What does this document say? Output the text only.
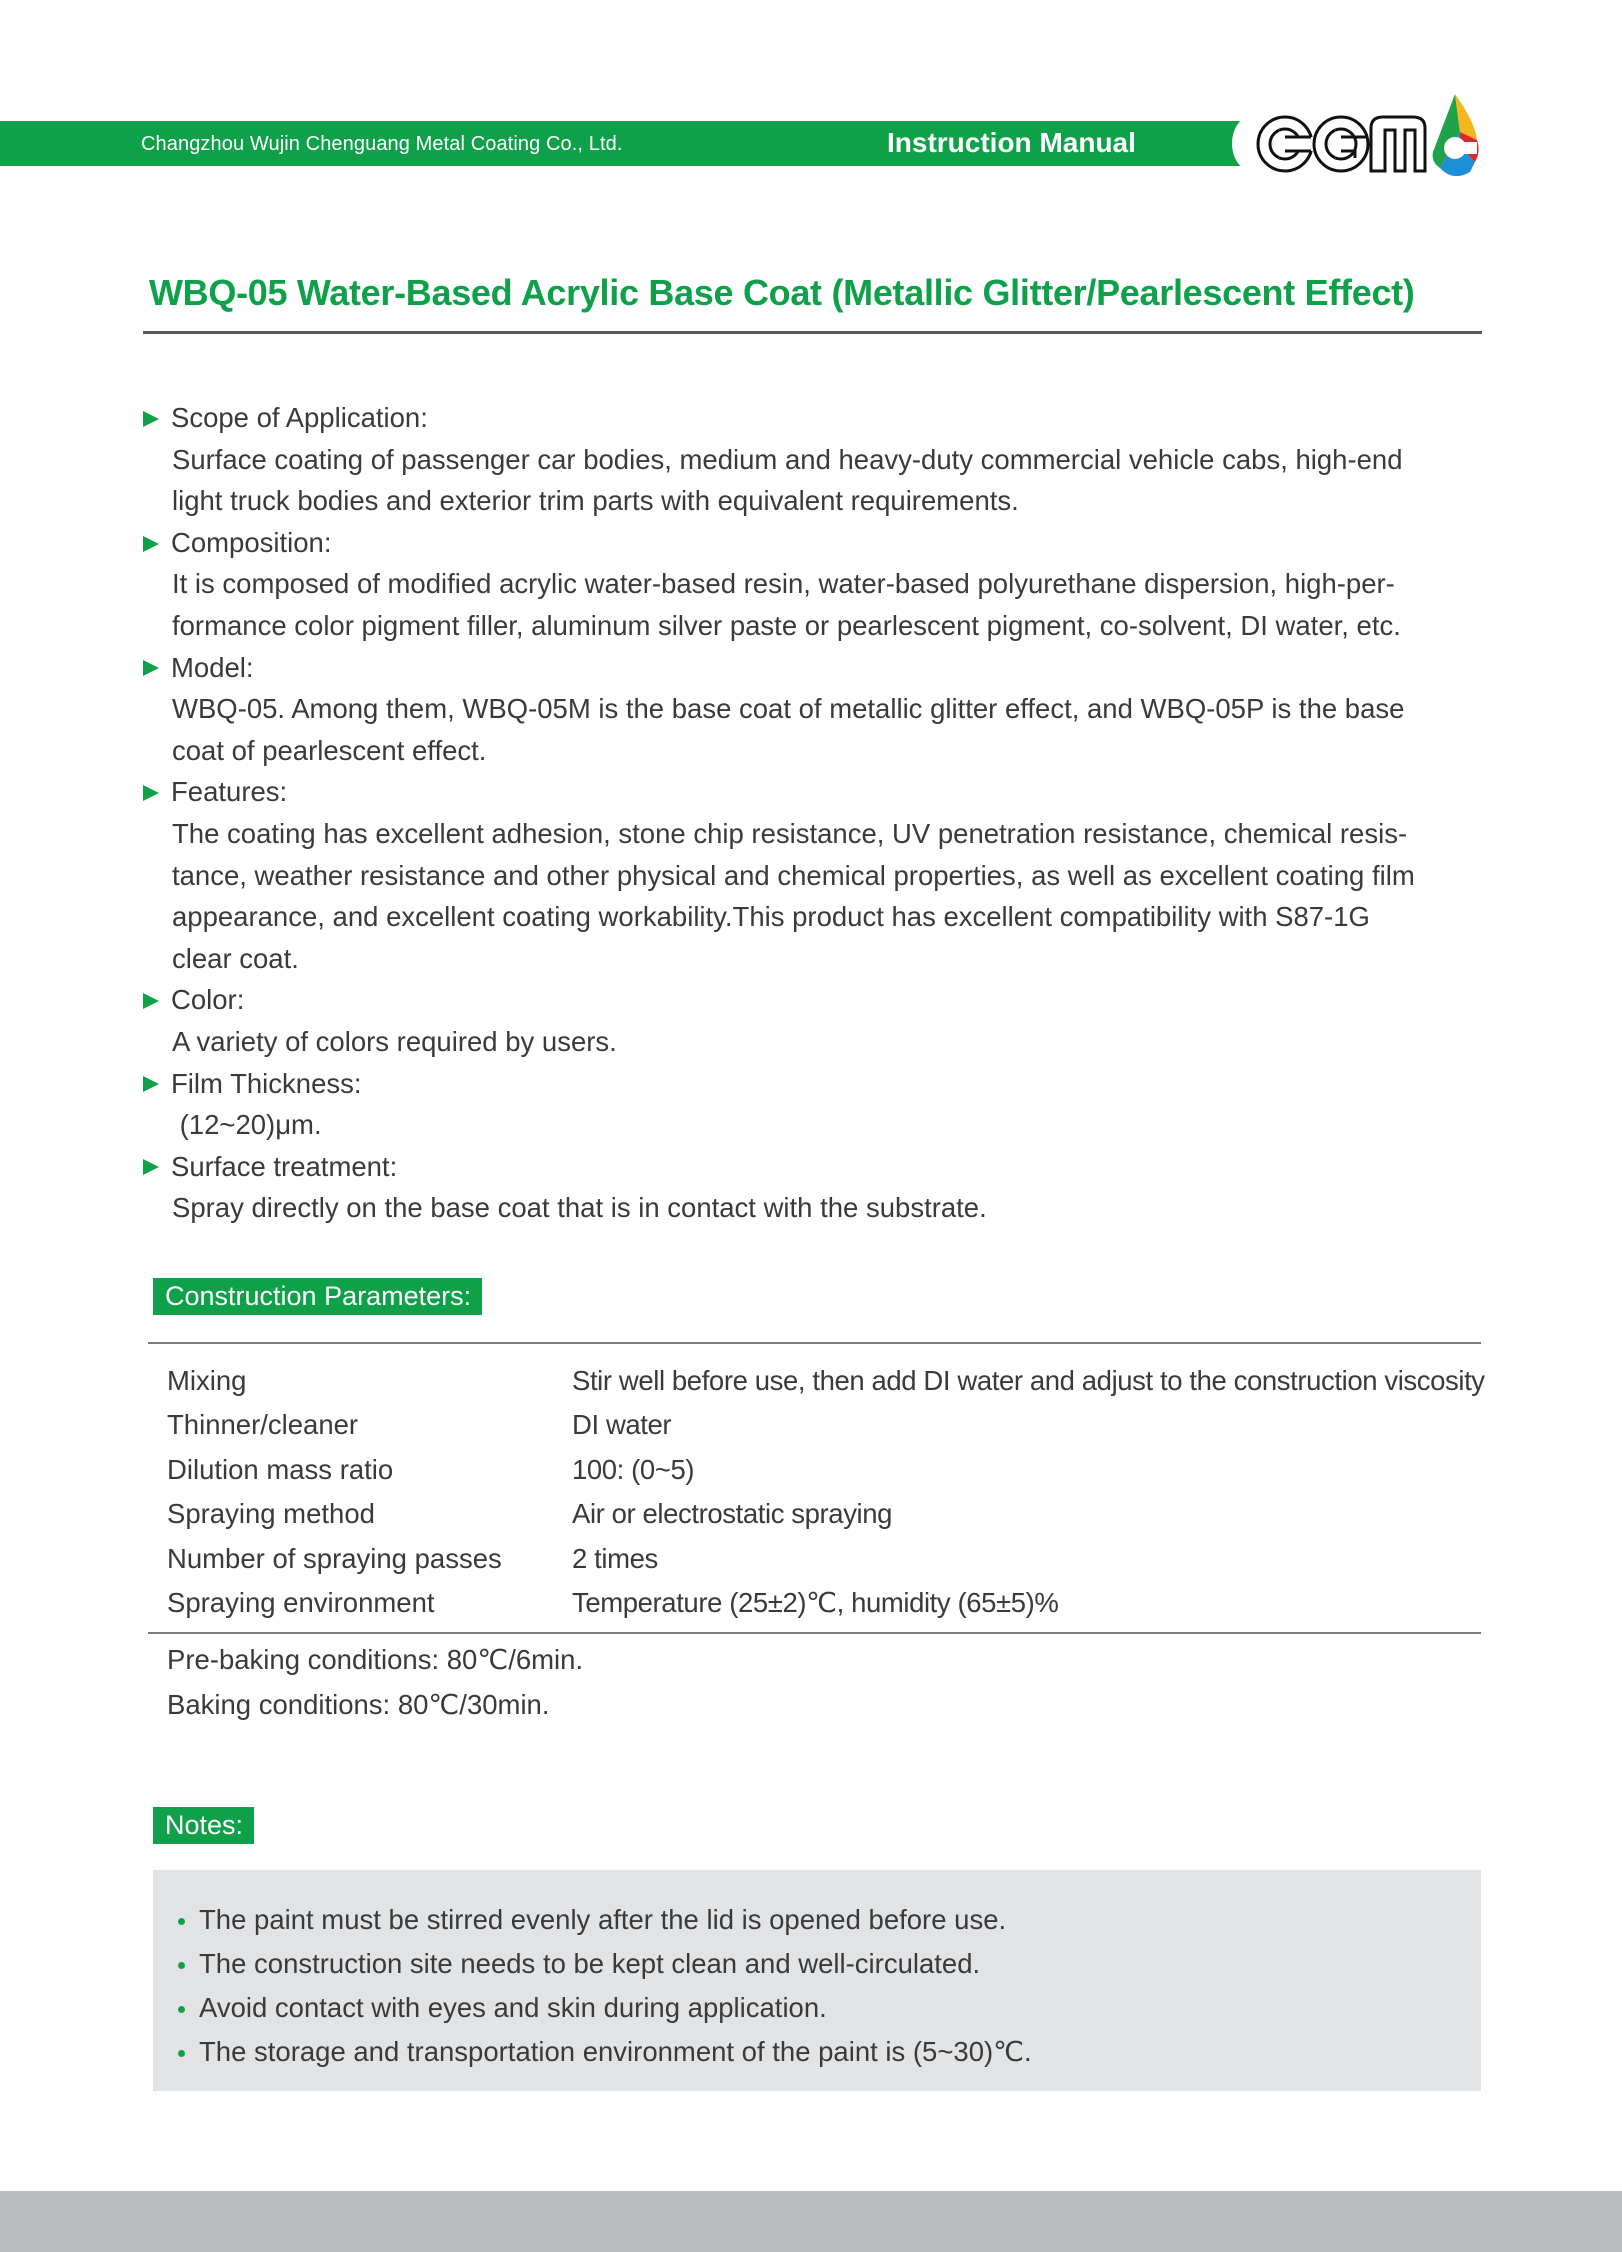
Changzhou Wujin Chenguang Metal Coating Co., Ltd.	Instruction Manual
WBQ-05 Water-Based Acrylic Base Coat (Metallic Glitter/Pearlescent Effect)
Scope of Application:
Surface coating of passenger car bodies, medium and heavy-duty commercial vehicle cabs, high-end
light truck bodies and exterior trim parts with equivalent requirements.
Composition:
It is composed of modified acrylic water-based resin, water-based polyurethane dispersion, high-per-
formance color pigment filler, aluminum silver paste or pearlescent pigment, co-solvent, DI water, etc.
Model:
WBQ-05. Among them, WBQ-05M is the base coat of metallic glitter effect, and WBQ-05P is the base
coat of pearlescent effect.
Features:
The coating has excellent adhesion, stone chip resistance, UV penetration resistance, chemical resis-
tance, weather resistance and other physical and chemical properties, as well as excellent coating film
appearance, and excellent coating workability.This product has excellent compatibility with S87-1G
clear coat.
Color:
A variety of colors required by users.
Film Thickness:
(12~20)μm.
Surface treatment:
Spray directly on the base coat that is in contact with the substrate.
Construction Parameters:
Mixing	Stir well before use, then add DI water and adjust to the construction viscosity
Thinner/cleaner	DI water
Dilution mass ratio	100: (0~5)
Spraying method	Air or electrostatic spraying
Number of spraying passes	2 times
Spraying environment	Temperature (25±2)℃, humidity (65±5)%
Pre-baking conditions: 80℃/6min.
Baking conditions: 80℃/30min.
Notes:
The paint must be stirred evenly after the lid is opened before use.
The construction site needs to be kept clean and well-circulated.
Avoid contact with eyes and skin during application.
The storage and transportation environment of the paint is (5~30)℃.
